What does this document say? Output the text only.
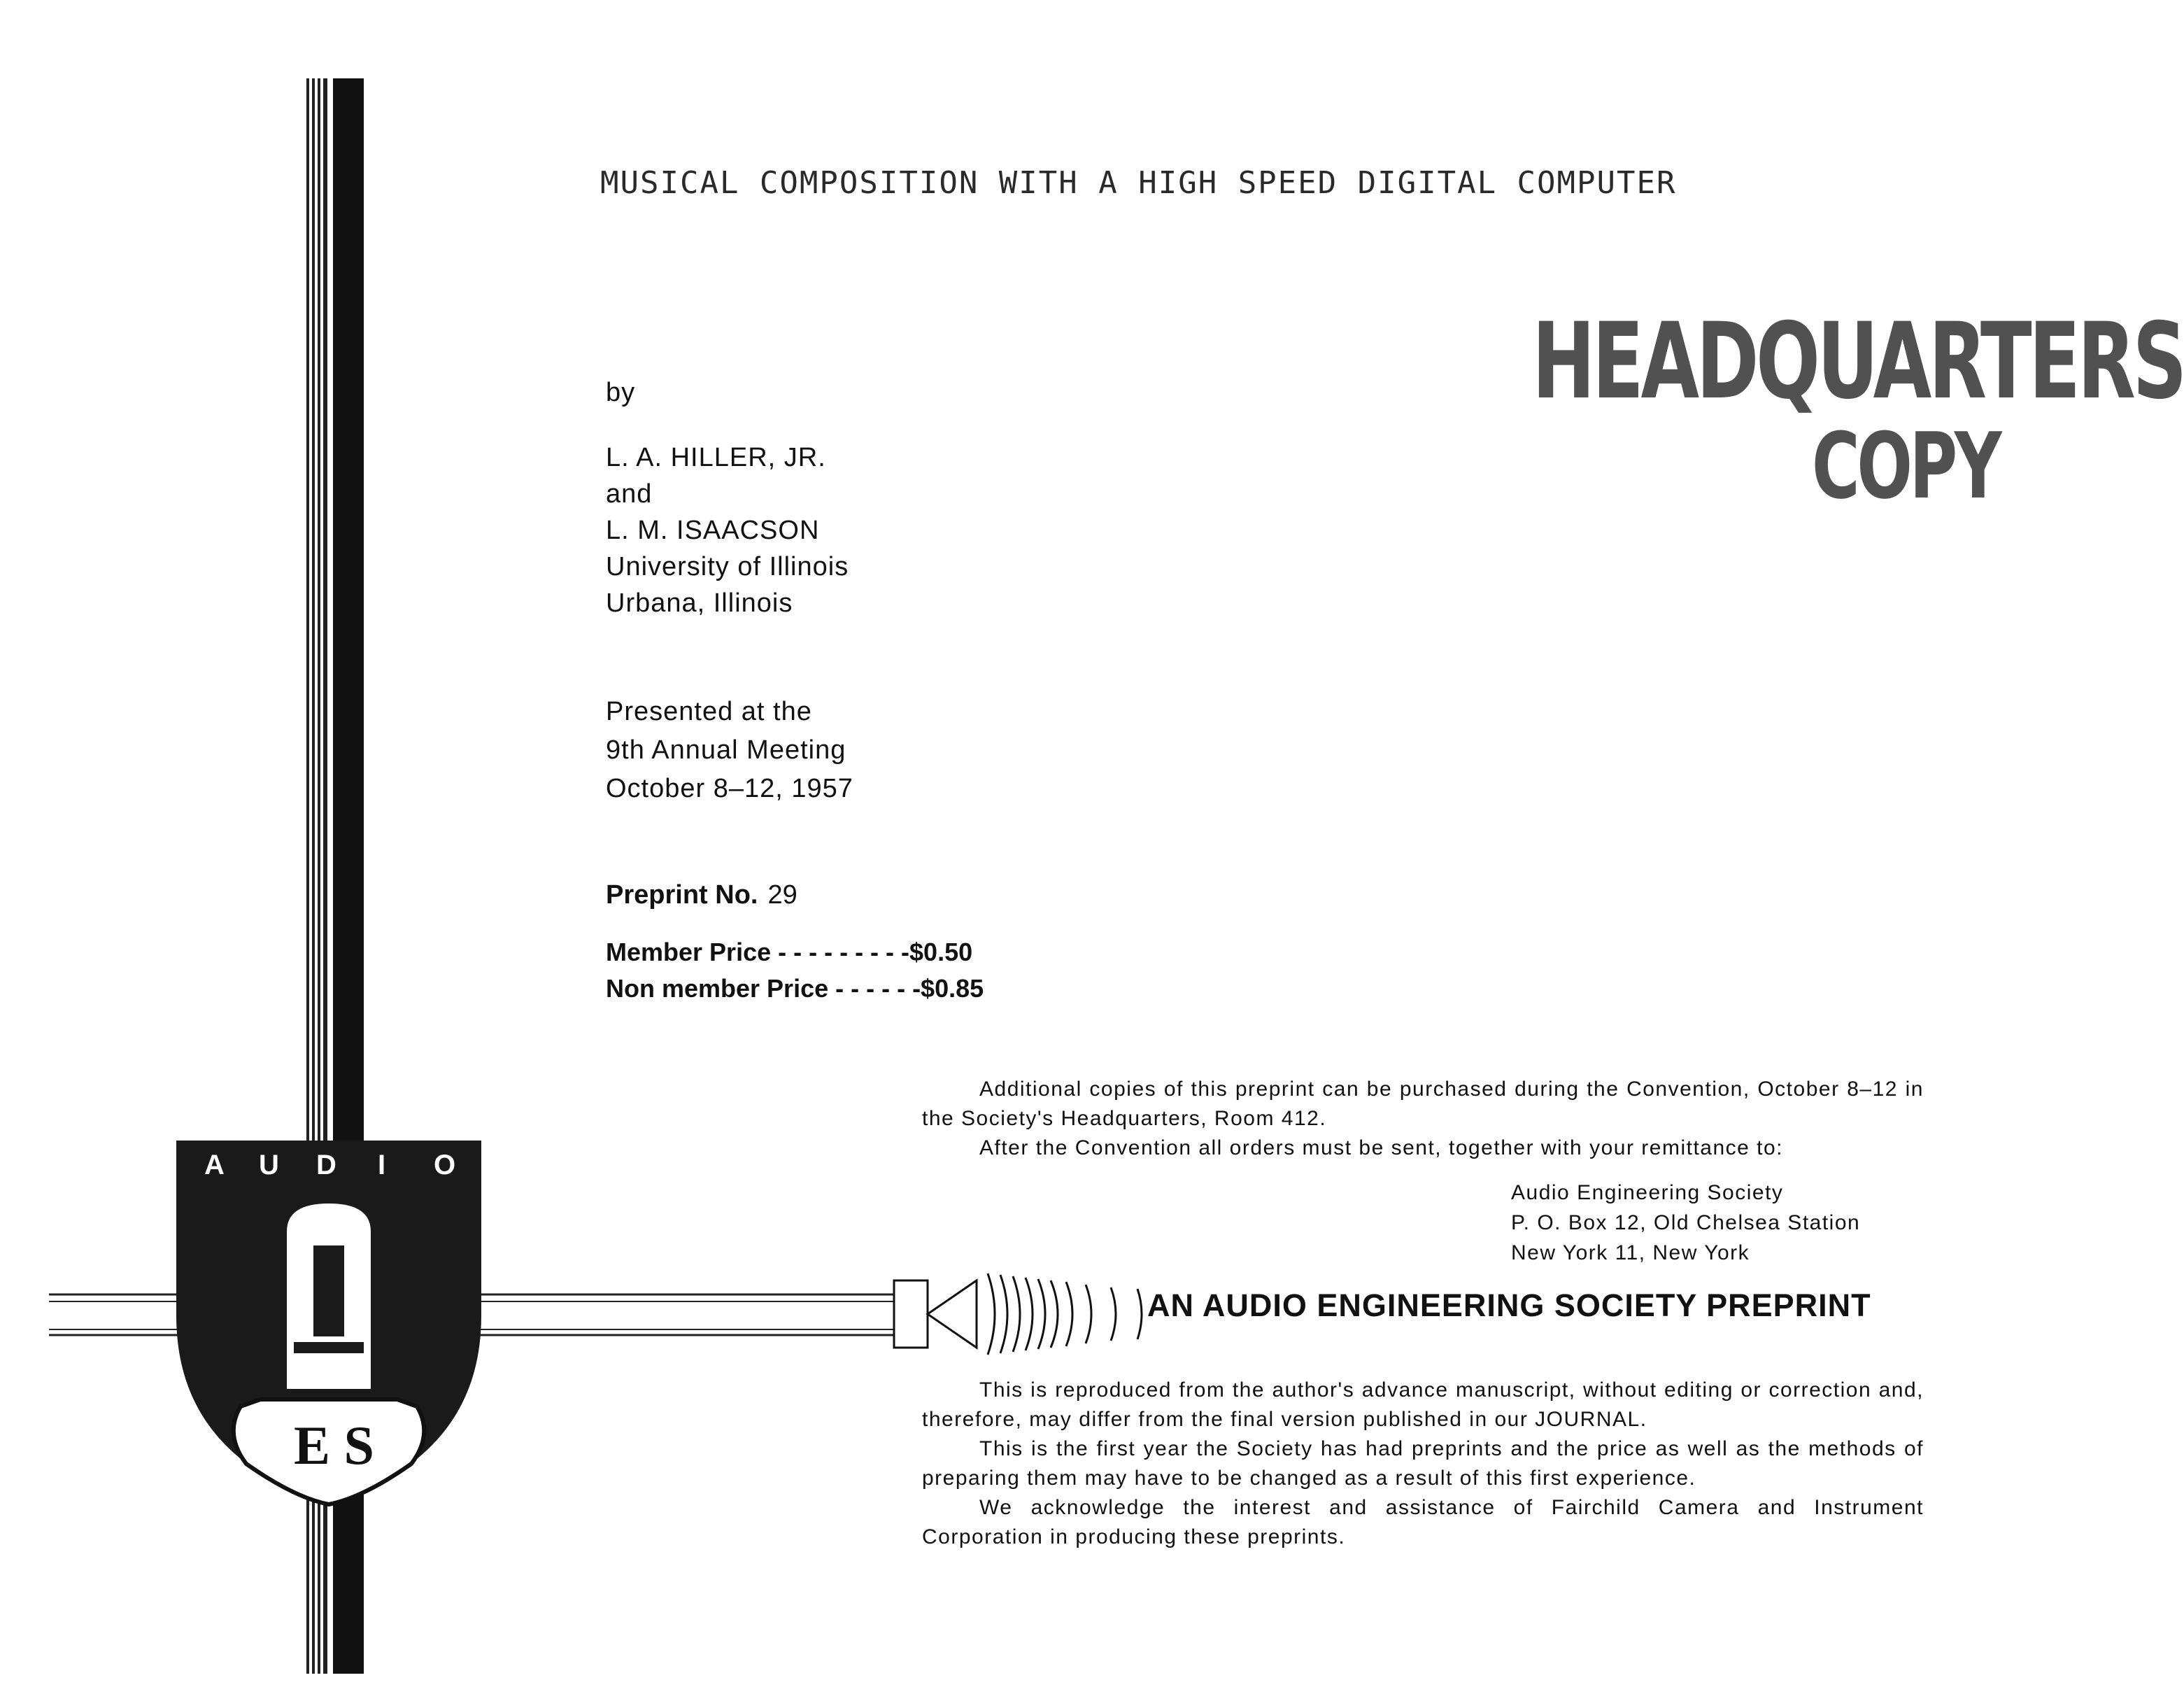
A U D I O
E S
MUSICAL COMPOSITION WITH A HIGH SPEED DIGITAL COMPUTER
HEADQUARTERS
COPY
by
L. A. HILLER, JR.
and
L. M. ISAACSON
University of Illinois
Urbana, Illinois
Presented at the
9th Annual Meeting
October 8–12, 1957
Preprint No. 29
Member Price - - - - - - - - -$0.50
Non member Price - - - - - -$0.85
Additional copies of this preprint can be purchased during the Convention, October 8–12 in the Society's Headquarters, Room 412.
After the Convention all orders must be sent, together with your remittance to:
Audio Engineering Society
P. O. Box 12, Old Chelsea Station
New York 11, New York
AN AUDIO ENGINEERING SOCIETY PREPRINT

This is reproduced from the author's advance manuscript, without editing or correction and, therefore, may differ from the final version published in our JOURNAL.

This is the first year the Society has had preprints and the price as well as the methods of preparing them may have to be changed as a result of this first experience.

We acknowledge the interest and assistance of Fairchild Camera and Instrument Corporation in producing these preprints.
